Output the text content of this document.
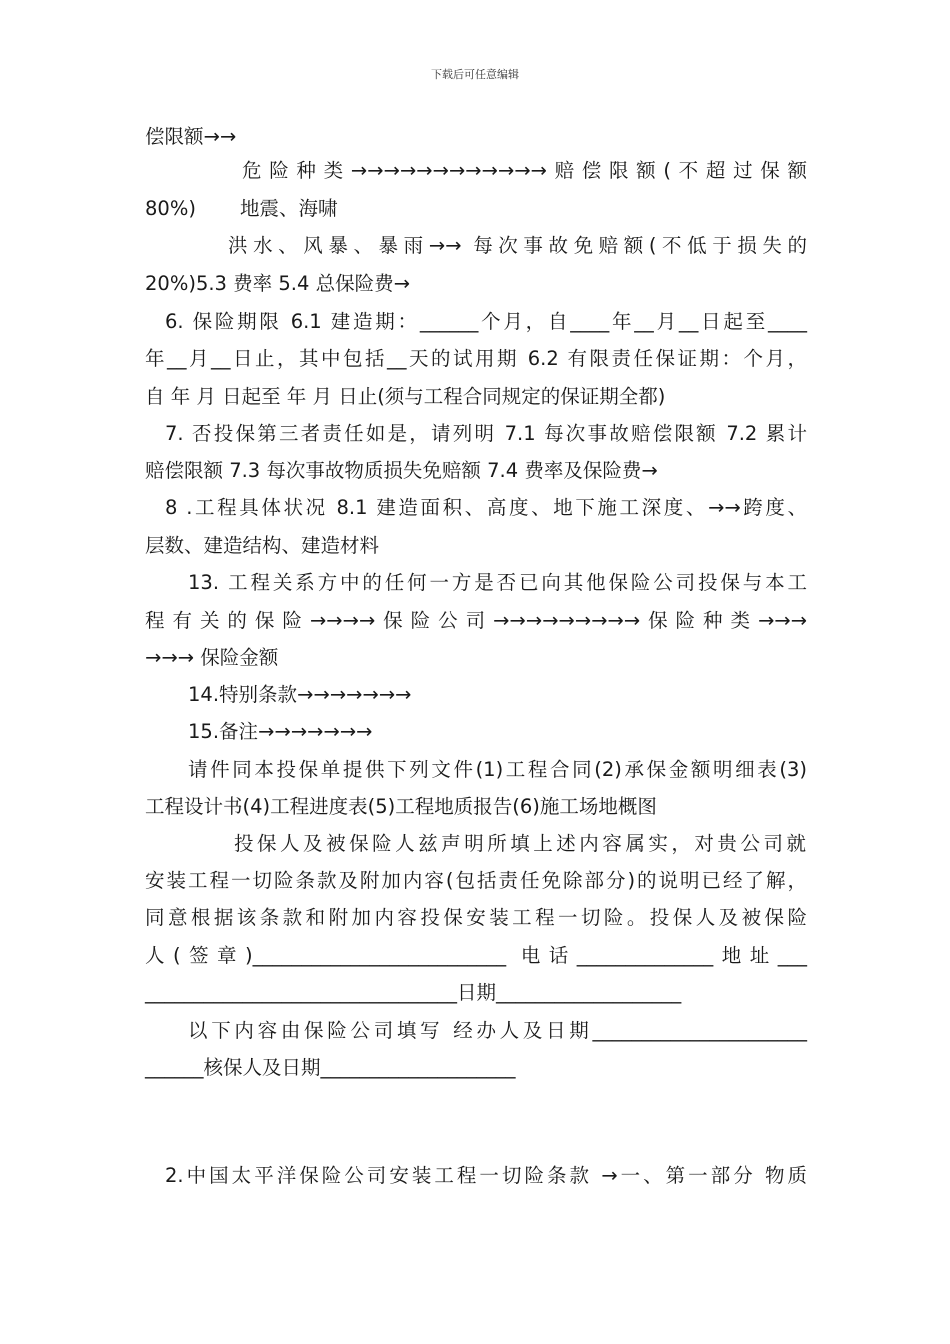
下载后可任意编辑
偿限额→→
危险种类→→→→→→→→→→→→赔偿限额(不超过保额
80%) 地震、海啸
洪水、风暴、暴雨→→ 每次事故免赔额(不低于损失的
20%)5.3 费率 5.4 总保险费→
6. 保险期限 6.1 建造期：______个月，自____年__月__日起至____
年__月__日止，其中包括__天的试用期 6.2 有限责任保证期：个月，
自 年 月 日起至 年 月 日止(须与工程合同规定的保证期全都)
7. 否投保第三者责任如是，请列明 7.1 每次事故赔偿限额 7.2 累计
赔偿限额 7.3 每次事故物质损失免赔额 7.4 费率及保险费→
8 .工程具体状况 8.1 建造面积、高度、地下施工深度、→→跨度、
层数、建造结构、建造材料
13. 工程关系方中的任何一方是否已向其他保险公司投保与本工
程有关的保险→→→→保险公司→→→→→→→→→保险种类→→→
→→→ 保险金额
14.特别条款→→→→→→→
15.备注→→→→→→→
请件同本投保单提供下列文件(1)工程合同(2)承保金额明细表(3)
工程设计书(4)工程进度表(5)工程地质报告(6)施工场地概图
投保人及被保险人兹声明所填上述内容属实，对贵公司就
安装工程一切险条款及附加内容(包括责任免除部分)的说明已经了解，
同意根据该条款和附加内容投保安装工程一切险。投保人及被保险
人(签章)__________________________ 电话______________地址___
________________________________日期___________________
以下内容由保险公司填写 经办人及日期______________________
______核保人及日期____________________
2.中国太平洋保险公司安装工程一切险条款 →一、第一部分 物质
